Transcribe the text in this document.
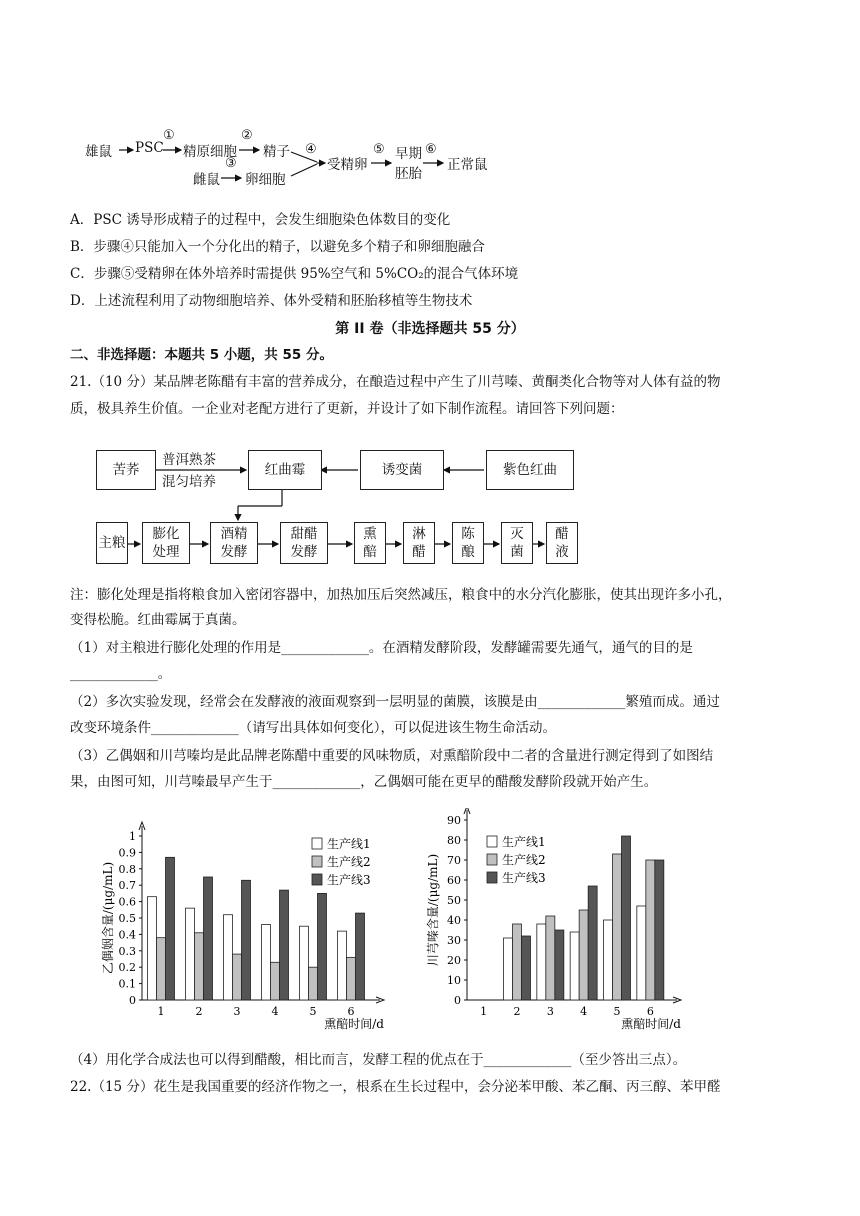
雄鼠 PSC
①
精原细胞
②
精子
雌鼠
③
卵细胞
④
受精卵
⑤ 早期
胚胎
⑥
正常鼠
A．PSC 诱导形成精子的过程中，会发生细胞染色体数目的变化
B．步骤④只能加入一个分化出的精子，以避免多个精子和卵细胞融合
C．步骤⑤受精卵在体外培养时需提供 95%空气和 5%CO₂的混合气体环境
D．上述流程利用了动物细胞培养、体外受精和胚胎移植等生物技术
第 II 卷（非选择题共 55 分）
二、非选择题：本题共 5 小题，共 55 分。
21.（10 分）某品牌老陈醋有丰富的营养成分，在酿造过程中产生了川芎嗪、黄酮类化合物等对人体有益的物
质，极具养生价值。一企业对老配方进行了更新，并设计了如下制作流程。请回答下列问题：
苦荞
普洱熟茶
混匀培养
红曲霉	诱变菌	紫色红曲
主 粮
膨化
处理
酒精
发酵
甜醋
发酵
熏
醅
淋
醋
陈
酿
灭
菌
醋
液
注：膨化处理是指将粮食加入密闭容器中，加热加压后突然减压，粮食中的水分汽化膨胀，使其出现许多小孔，
变得松脆。红曲霉属于真菌。
（1）对主粮进行膨化处理的作用是_____________。在酒精发酵阶段，发酵罐需要先通气，通气的目的是
_____________。
（2）多次实验发现，经常会在发酵液的液面观察到一层明显的菌膜，该膜是由_____________繁殖而成。通过
改变环境条件_____________（请写出具体如何变化），可以促进该生物生命活动。
（3）乙偶姻和川芎嗪均是此品牌老陈醋中重要的风味物质，对熏醅阶段中二者的含量进行测定得到了如图结
果，由图可知，川芎嗪最早产生于_____________，乙偶姻可能在更早的醋酸发酵阶段就开始产生。
0
0.1
0.2
0.3
0.4
0.5
0.6
0.7
0.8
0.9
1
乙偶姻含量/(μg/mL)
1	2	3	4	5	6
熏醅时间/d
生产线1
生产线2
生产线3
0
10
20
30
40
50
60
70
80
90
川芎嗪含量/(μg/mL)
1 2 3 4 5 6
熏醅时间/d
生产线1
生产线2
生产线3
（4）用化学合成法也可以得到醋酸，相比而言，发酵工程的优点在于_____________（至少答出三点）。
22.（15 分）花生是我国重要的经济作物之一，根系在生长过程中，会分泌苯甲酸、苯乙酮、丙三醇、苯甲醛
